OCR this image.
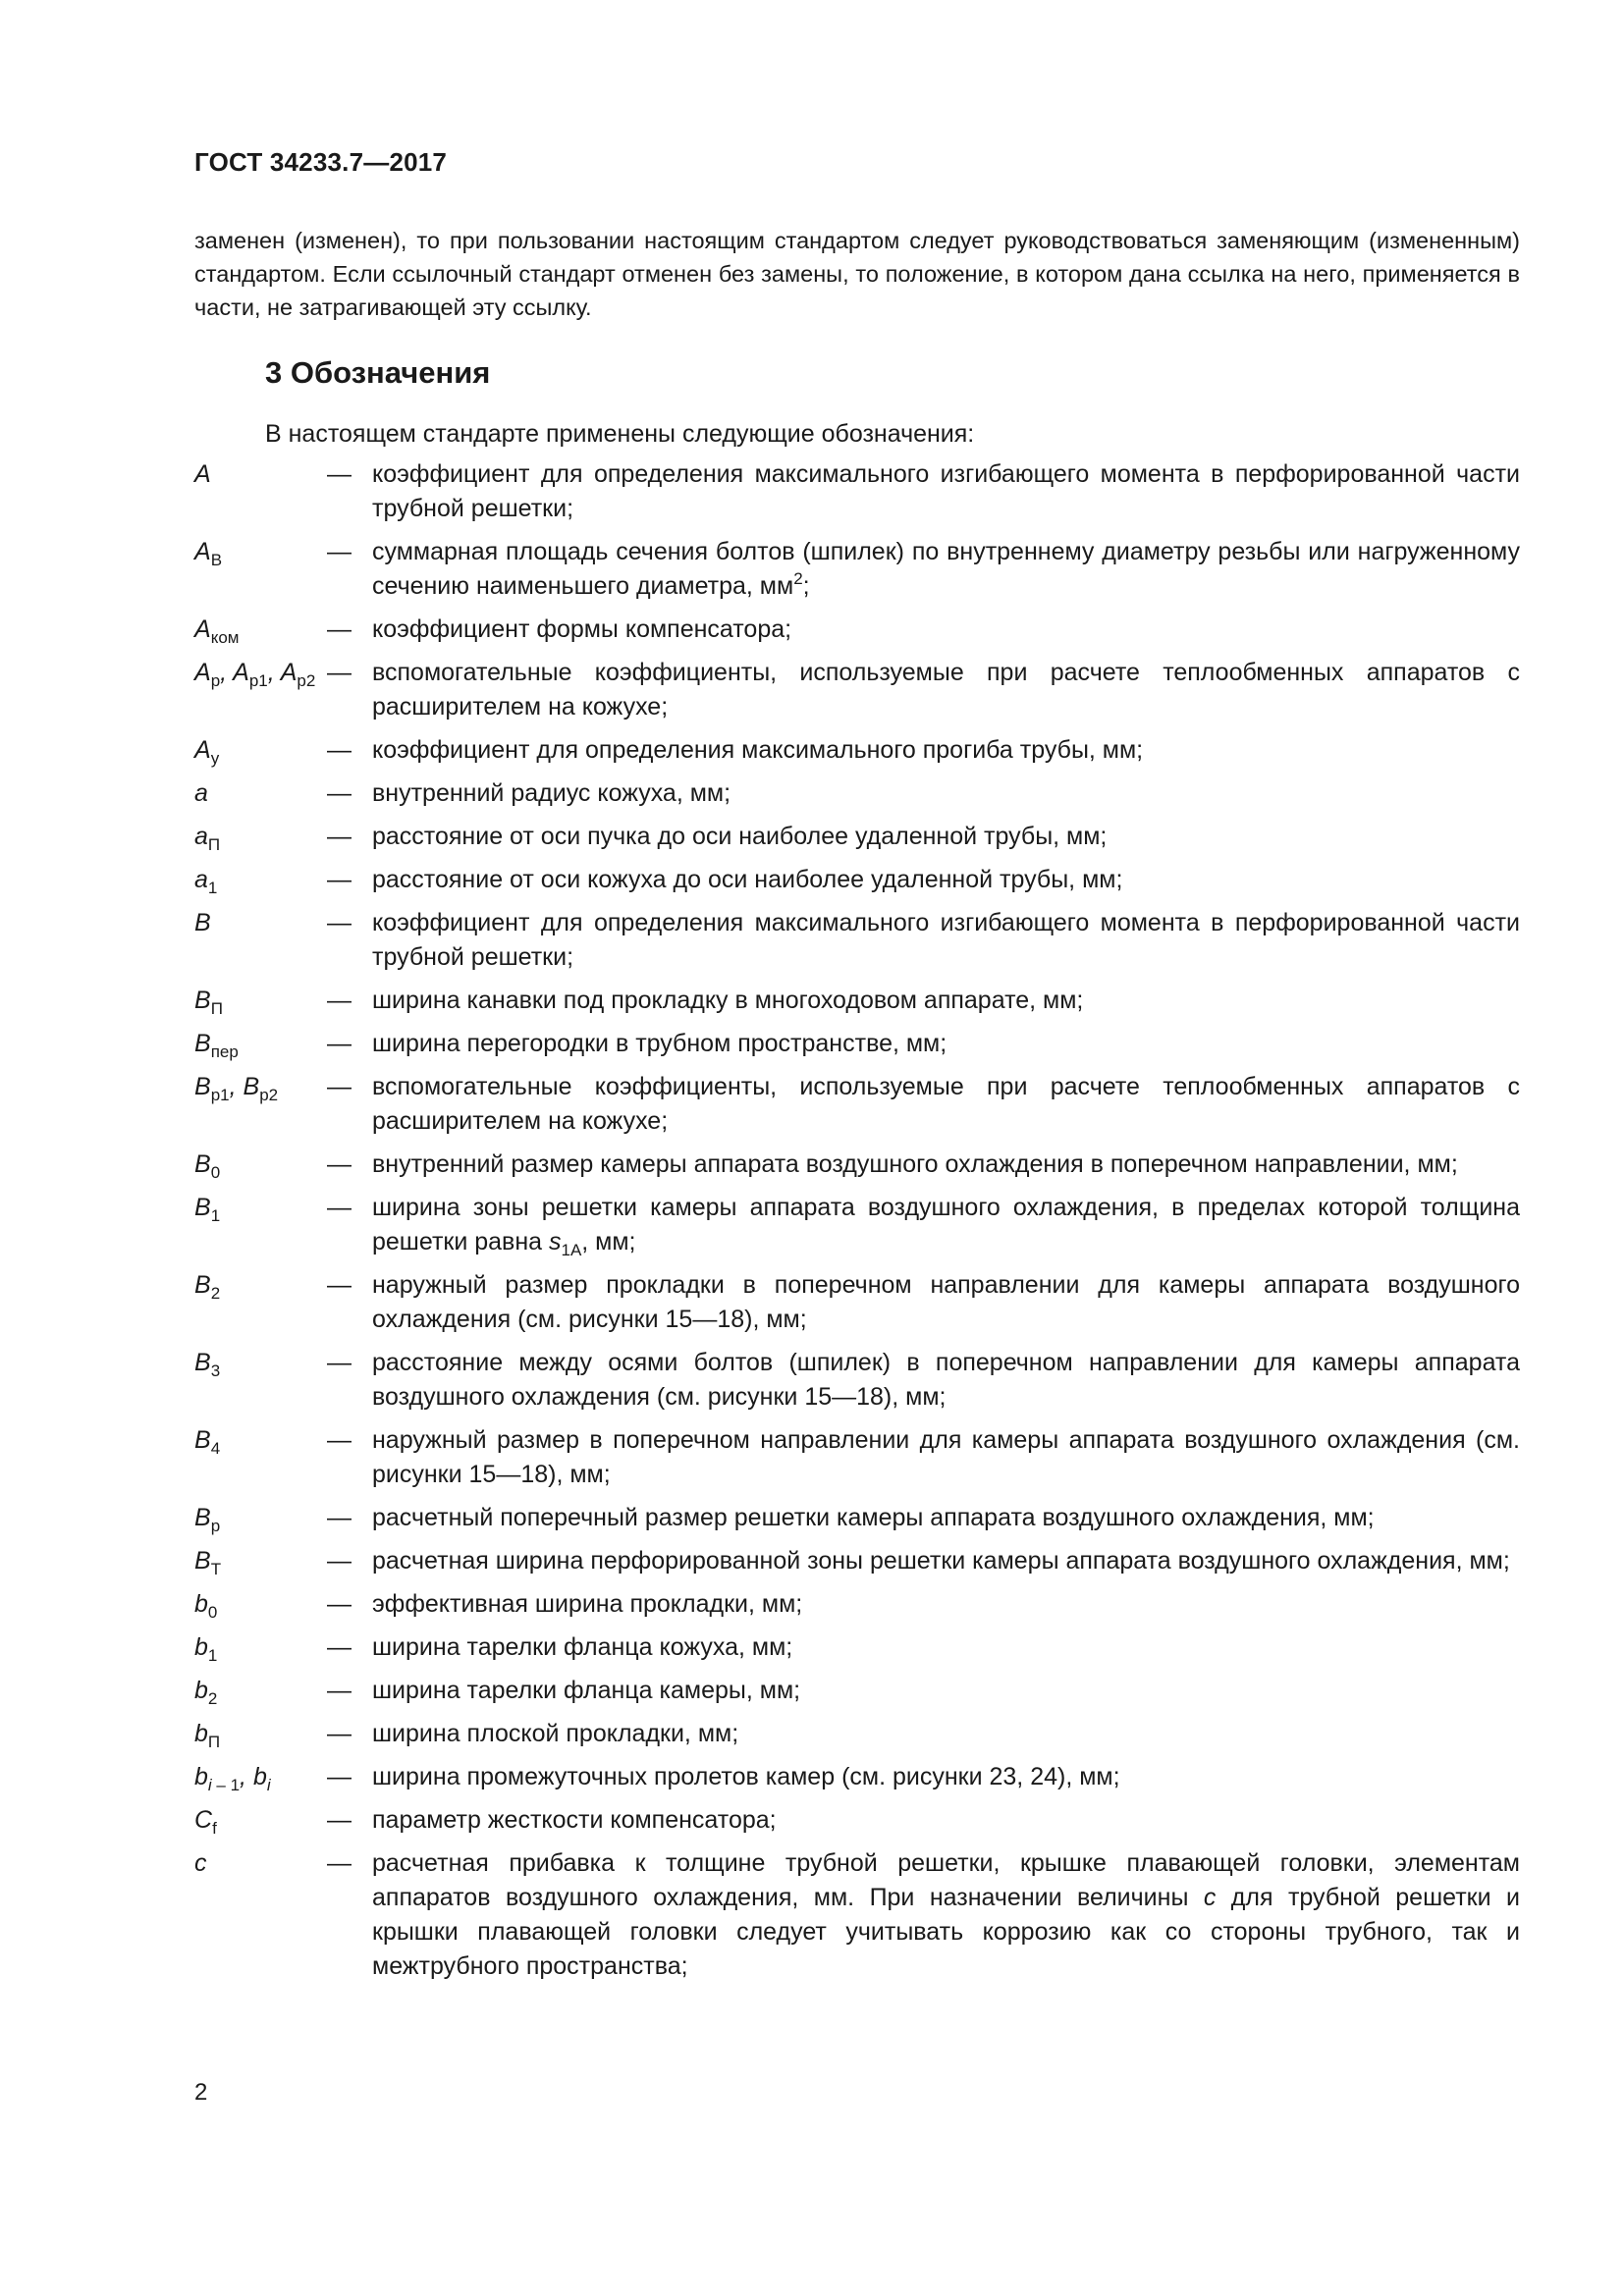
ГОСТ 34233.7—2017
заменен (изменен), то при пользовании настоящим стандартом следует руководствоваться заменяющим (измененным) стандартом. Если ссылочный стандарт отменен без замены, то положение, в котором дана ссылка на него, применяется в части, не затрагивающей эту ссылку.
3 Обозначения
В настоящем стандарте применены следующие обозначения:
A	— коэффициент для определения максимального изгибающего момента в перфорированной части трубной решетки;
$A_B$	— суммарная площадь сечения болтов (шпилек) по внутреннему диаметру резьбы или нагруженному сечению наименьшего диаметра, $мм^2$;
$A_{ком}$	— коэффициент формы компенсатора;
$A_p$, $A_{p1}$, $A_{p2}$ — вспомогательные коэффициенты, используемые при расчете теплообменных аппаратов с расширителем на кожухе;
$A_y$	— коэффициент для определения максимального прогиба трубы, мм;
a	— внутренний радиус кожуха, мм;
$a_П$	— расстояние от оси пучка до оси наиболее удаленной трубы, мм;
$a_1$	— расстояние от оси кожуха до оси наиболее удаленной трубы, мм;
B	— коэффициент для определения максимального изгибающего момента в перфорированной части трубной решетки;
$B_П$	— ширина канавки под прокладку в многоходовом аппарате, мм;
$B_{пер}$	— ширина перегородки в трубном пространстве, мм;
$B_{p1}$, $B_{p2}$	— вспомогательные коэффициенты, используемые при расчете теплообменных аппаратов с расширителем на кожухе;
$B_0$	— внутренний размер камеры аппарата воздушного охлаждения в поперечном направлении, мм;
$B_1$	— ширина зоны решетки камеры аппарата воздушного охлаждения, в пределах которой толщина решетки равна $s_{1A}$, мм;
$B_2$	— наружный размер прокладки в поперечном направлении для камеры аппарата воздушного охлаждения (см. рисунки 15—18), мм;
$B_3$	— расстояние между осями болтов (шпилек) в поперечном направлении для камеры аппарата воздушного охлаждения (см. рисунки 15—18), мм;
$B_4$	— наружный размер в поперечном направлении для камеры аппарата воздушного охлаждения (см. рисунки 15—18), мм;
$B_p$	— расчетный поперечный размер решетки камеры аппарата воздушного охлаждения, мм;
$B_T$	— расчетная ширина перфорированной зоны решетки камеры аппарата воздушного охлаждения, мм;
$b_0$	— эффективная ширина прокладки, мм;
$b_1$	— ширина тарелки фланца кожуха, мм;
$b_2$	— ширина тарелки фланца камеры, мм;
$b_П$	— ширина плоской прокладки, мм;
$b_{i - 1}$, $b_i$	— ширина промежуточных пролетов камер (см. рисунки 23, 24), мм;
$C_f$	— параметр жесткости компенсатора;
c	— расчетная прибавка к толщине трубной решетки, крышке плавающей головки, элементам аппаратов воздушного охлаждения, мм. При назначении величины c для трубной решетки и крышки плавающей головки следует учитывать коррозию как со стороны трубного, так и межтрубного пространства;
2
